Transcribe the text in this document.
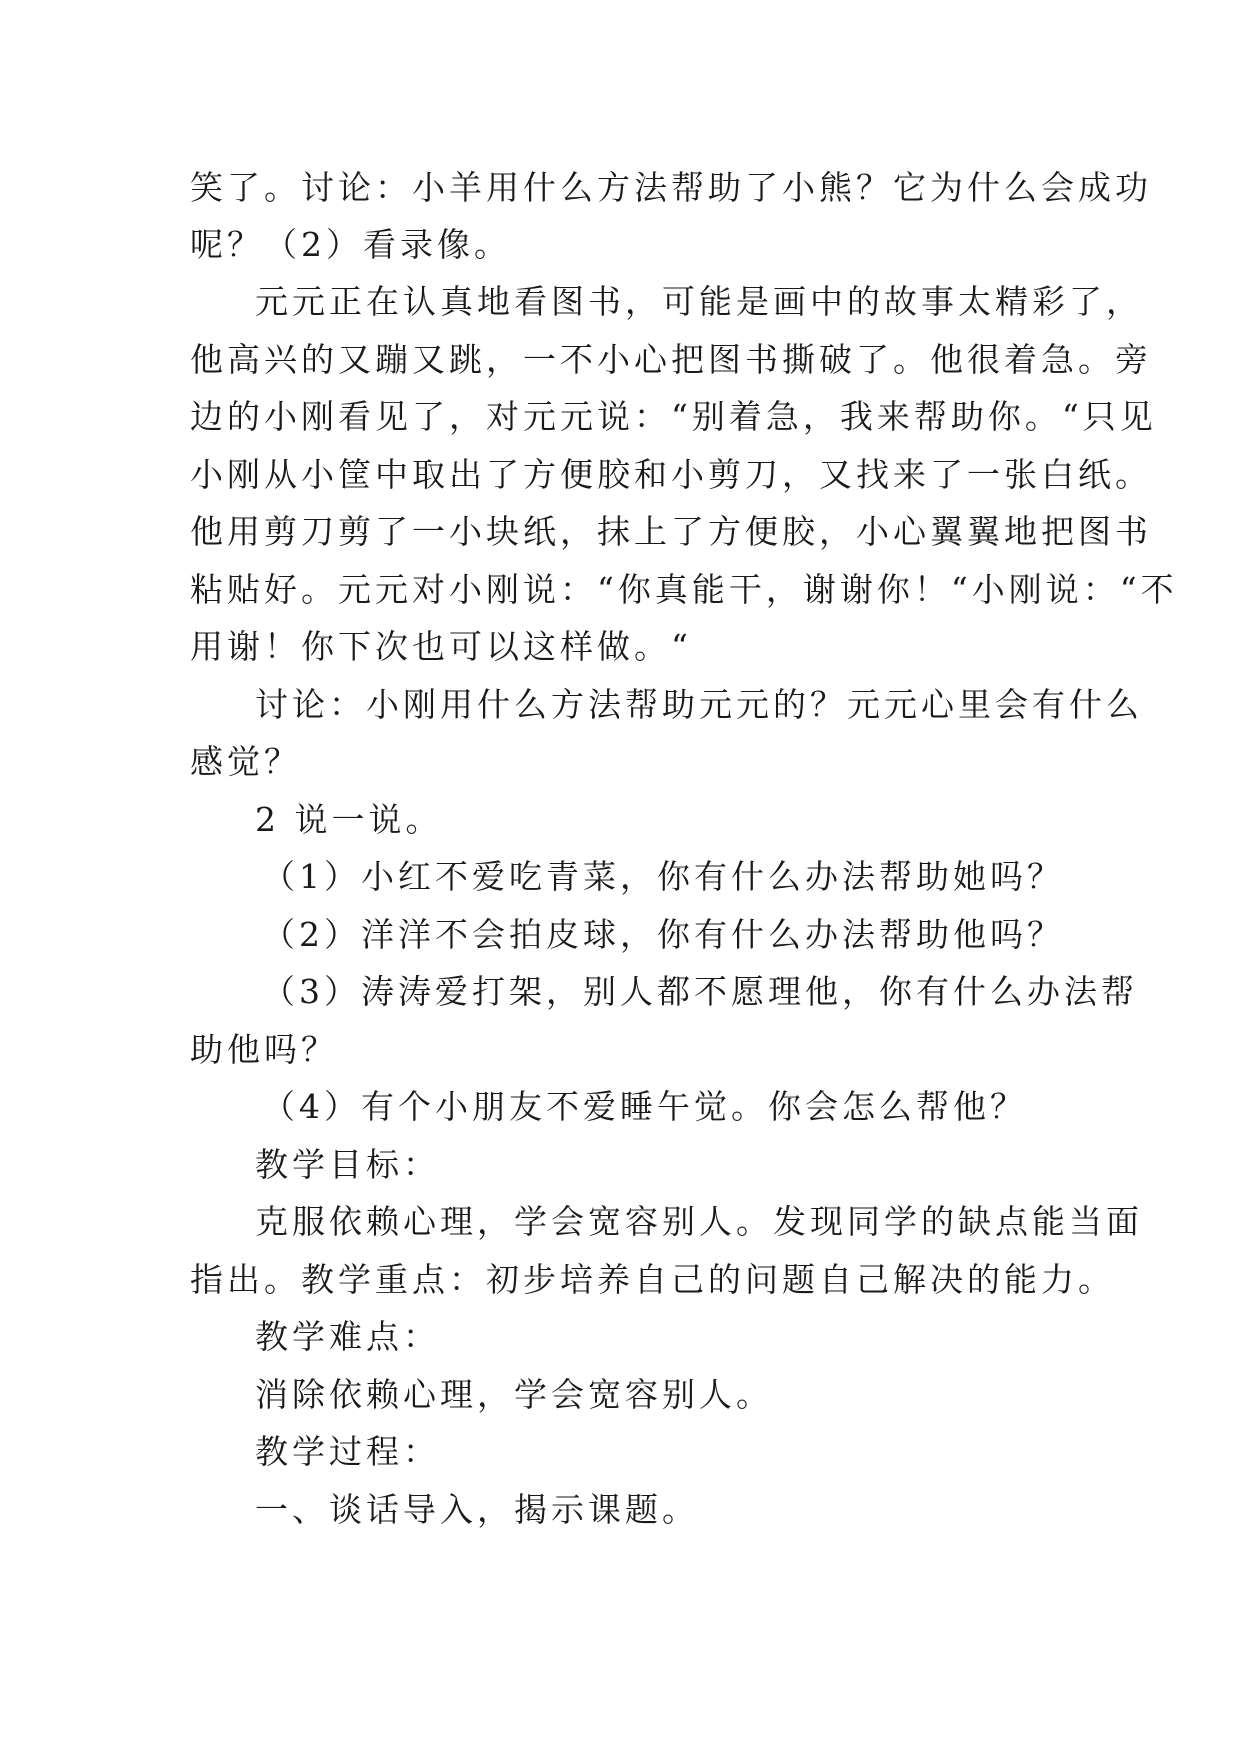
笑了。讨论：小羊用什么方法帮助了小熊？它为什么会成功
呢？（2）看录像。
元元正在认真地看图书，可能是画中的故事太精彩了，
他高兴的又蹦又跳，一不小心把图书撕破了。他很着急。旁
边的小刚看见了，对元元说：“别着急，我来帮助你。“只见
小刚从小筐中取出了方便胶和小剪刀，又找来了一张白纸。
他用剪刀剪了一小块纸，抹上了方便胶，小心翼翼地把图书
粘贴好。元元对小刚说：“你真能干，谢谢你！“小刚说：“不
用谢！你下次也可以这样做。“
讨论：小刚用什么方法帮助元元的？元元心里会有什么
感觉？
2 说一说。
（1）小红不爱吃青菜，你有什么办法帮助她吗？
（2）洋洋不会拍皮球，你有什么办法帮助他吗？
（3）涛涛爱打架，别人都不愿理他，你有什么办法帮
助他吗？
（4）有个小朋友不爱睡午觉。你会怎么帮他？
教学目标：
克服依赖心理，学会宽容别人。发现同学的缺点能当面
指出。教学重点：初步培养自己的问题自己解决的能力。
教学难点：
消除依赖心理，学会宽容别人。
教学过程：
一、谈话导入，揭示课题。
